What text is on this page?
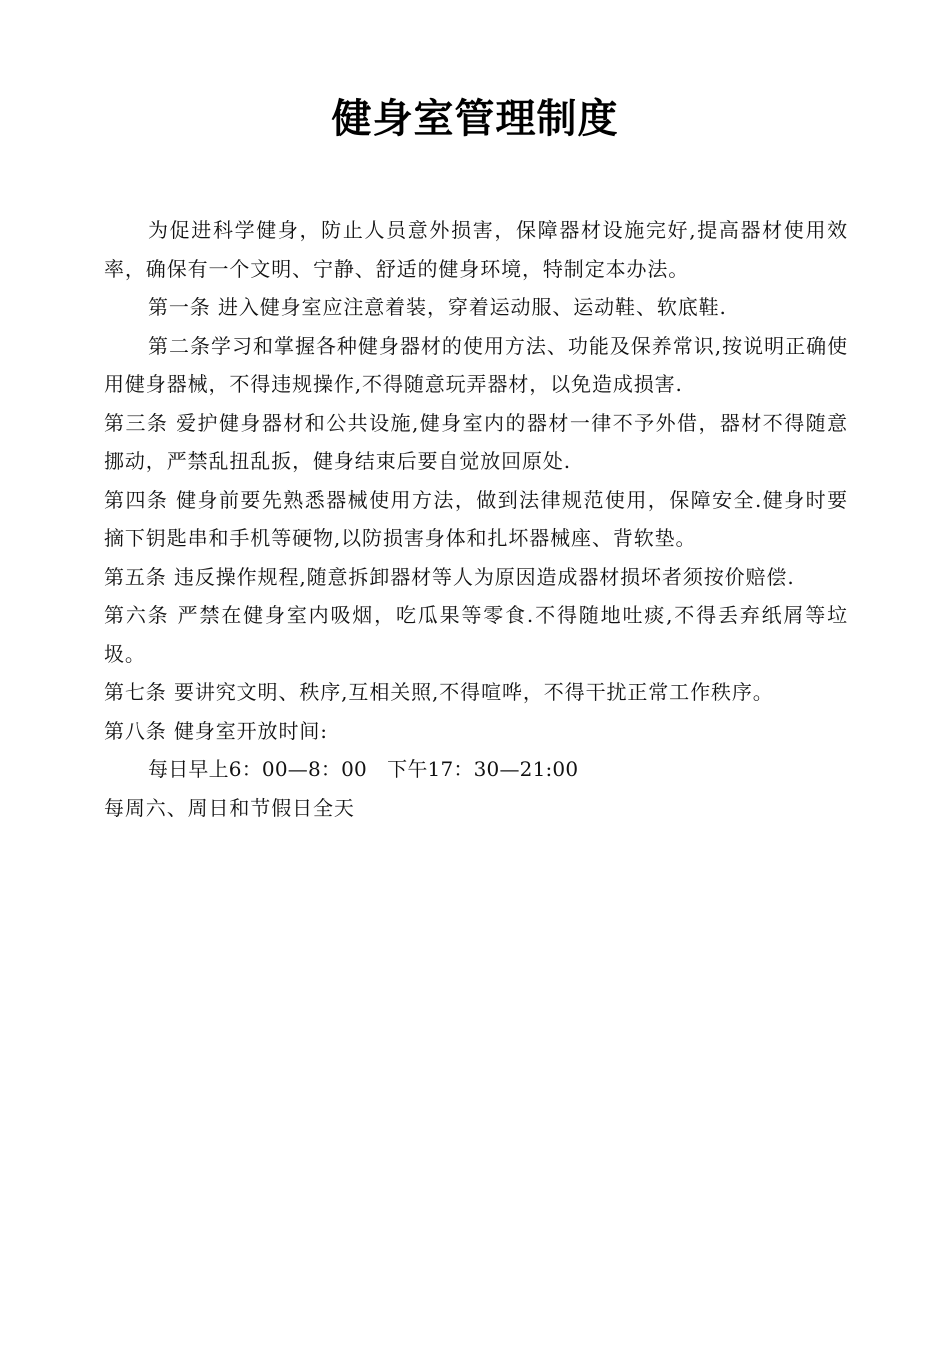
健身室管理制度

为促进科学健身，防止人员意外损害，保障器材设施完好,提高器材使用效率，确保有一个文明、宁静、舒适的健身环境，特制定本办法。

第一条 进入健身室应注意着装，穿着运动服、运动鞋、软底鞋.

第二条学习和掌握各种健身器材的使用方法、功能及保养常识,按说明正确使用健身器械，不得违规操作,不得随意玩弄器材，以免造成损害.

第三条 爱护健身器材和公共设施,健身室内的器材一律不予外借，器材不得随意挪动，严禁乱扭乱扳，健身结束后要自觉放回原处.

第四条 健身前要先熟悉器械使用方法，做到法律规范使用，保障安全.健身时要摘下钥匙串和手机等硬物,以防损害身体和扎坏器械座、背软垫。

第五条 违反操作规程,随意拆卸器材等人为原因造成器材损坏者须按价赔偿.

第六条 严禁在健身室内吸烟，吃瓜果等零食.不得随地吐痰,不得丢弃纸屑等垃圾。

第七条 要讲究文明、秩序,互相关照,不得喧哗，不得干扰正常工作秩序。

第八条 健身室开放时间:

每日早上6：00—8：00　下午17：30—21:00

每周六、周日和节假日全天
